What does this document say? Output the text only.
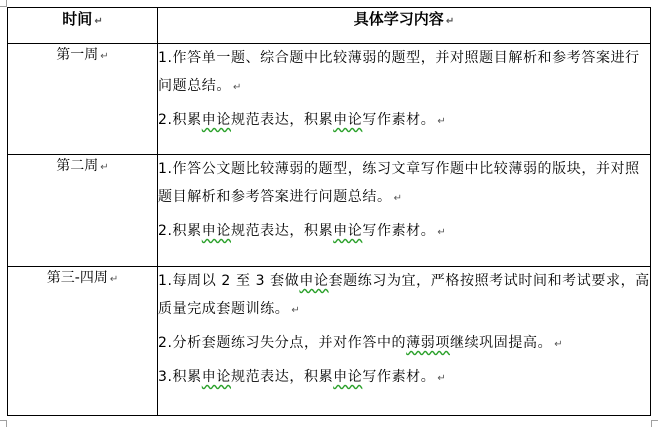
时间 ↵	具体学习内容 ↵
第一周 ↵	1.作答单一题、综合题中比较薄弱的题型，并对照题目解析和参考答案进行问题总结。 ↵
2.积累申论规范表达，积累申论写作素材。 ↵

第二周 ↵	1.作答公文题比较薄弱的题型，练习文章写作题中比较薄弱的版块，并对照题目解析和参考答案进行问题总结。 ↵
2.积累申论规范表达，积累申论写作素材。 ↵

第三-四周 ↵	1.每周以 2 至 3 套做申论套题练习为宜，严格按照考试时间和考试要求，高质量完成套题训练。 ↵
2.分析套题练习失分点，并对作答中的薄弱项继续巩固提高。 ↵
3.积累申论规范表达，积累申论写作素材。 ↵
